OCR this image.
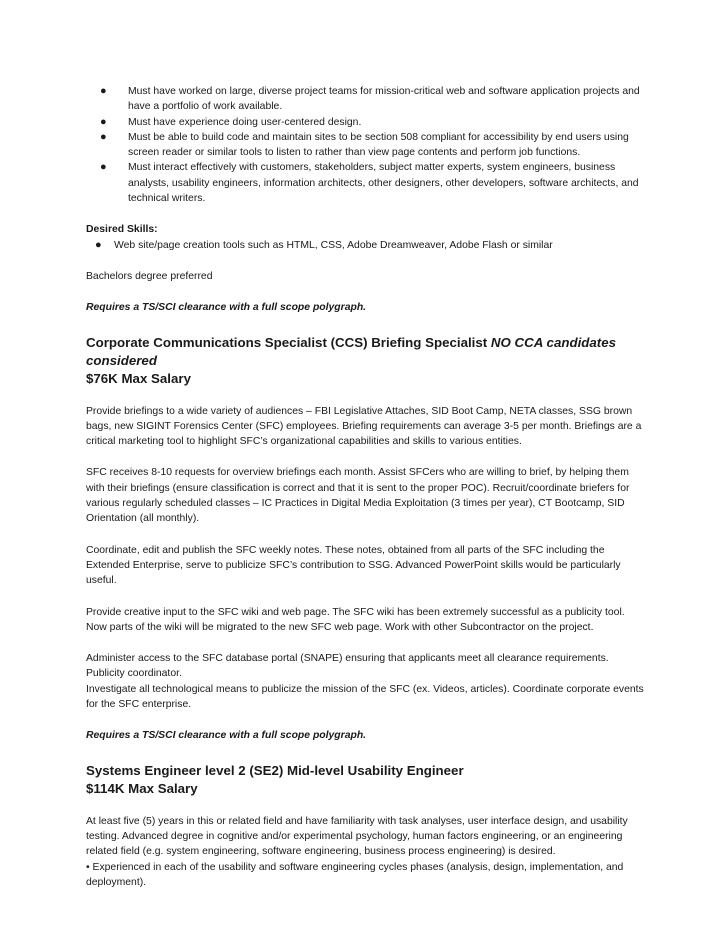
● Must have worked on large, diverse project teams for mission-critical web and software application projects and have a portfolio of work available.
● Must have experience doing user-centered design.
● Must be able to build code and maintain sites to be section 508 compliant for accessibility by end users using screen reader or similar tools to listen to rather than view page contents and perform job functions.
● Must interact effectively with customers, stakeholders, subject matter experts, system engineers, business analysts, usability engineers, information architects, other designers, other developers, software architects, and technical writers.

Desired Skills:

● Web site/page creation tools such as HTML, CSS, Adobe Dreamweaver, Adobe Flash or similar

Bachelors degree preferred

Requires a TS/SCI clearance with a full scope polygraph.

Corporate Communications Specialist (CCS) Briefing Specialist NO CCA candidates considered
$76K Max Salary

Provide briefings to a wide variety of audiences – FBI Legislative Attaches, SID Boot Camp, NETA classes, SSG brown bags, new SIGINT Forensics Center (SFC) employees. Briefing requirements can average 3-5 per month. Briefings are a critical marketing tool to highlight SFC’s organizational capabilities and skills to various entities.

SFC receives 8-10 requests for overview briefings each month. Assist SFCers who are willing to brief, by helping them with their briefings (ensure classification is correct and that it is sent to the proper POC). Recruit/coordinate briefers for various regularly scheduled classes – IC Practices in Digital Media Exploitation (3 times per year), CT Bootcamp, SID Orientation (all monthly).

Coordinate, edit and publish the SFC weekly notes. These notes, obtained from all parts of the SFC including the Extended Enterprise, serve to publicize SFC’s contribution to SSG. Advanced PowerPoint skills would be particularly useful.

Provide creative input to the SFC wiki and web page. The SFC wiki has been extremely successful as a publicity tool. Now parts of the wiki will be migrated to the new SFC web page. Work with other Subcontractor on the project.

Administer access to the SFC database portal (SNAPE) ensuring that applicants meet all clearance requirements. Publicity coordinator.

Investigate all technological means to publicize the mission of the SFC (ex. Videos, articles). Coordinate corporate events for the SFC enterprise.

Requires a TS/SCI clearance with a full scope polygraph.

Systems Engineer level 2 (SE2) Mid-level Usability Engineer
$114K Max Salary

At least five (5) years in this or related field and have familiarity with task analyses, user interface design, and usability testing. Advanced degree in cognitive and/or experimental psychology, human factors engineering, or an engineering related field (e.g. system engineering, software engineering, business process engineering) is desired.

• Experienced in each of the usability and software engineering cycles phases (analysis, design, implementation, and deployment).
